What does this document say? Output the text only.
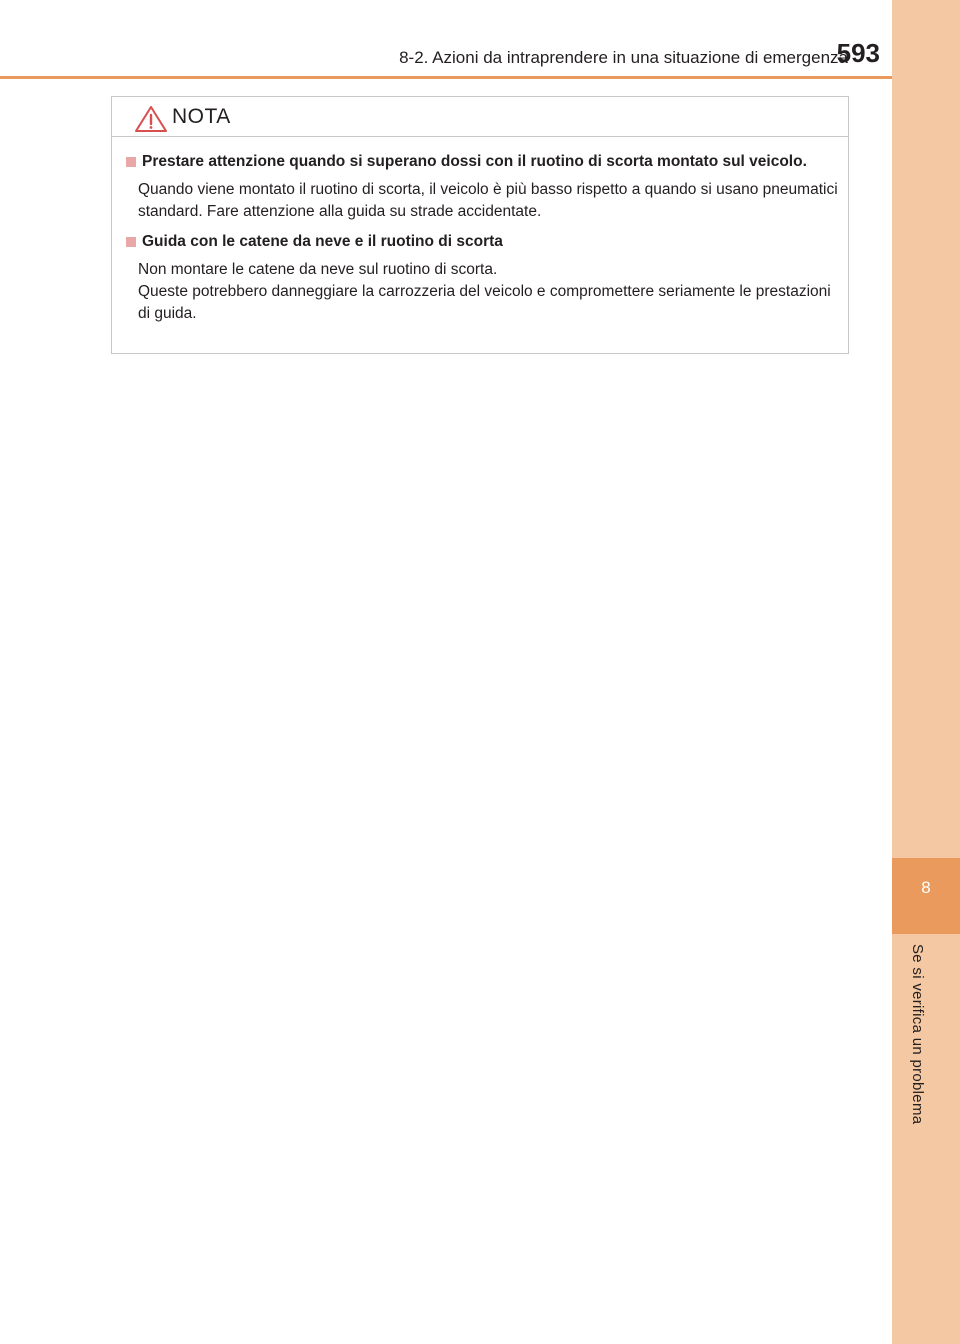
8
Se si verifica un problema
8-2. Azioni da intraprendere in una situazione di emergenza
593
NOTA
Prestare attenzione quando si superano dossi con il ruotino di scorta montato sul veicolo.
Quando viene montato il ruotino di scorta, il veicolo è più basso rispetto a quando si usano pneumatici standard. Fare attenzione alla guida su strade accidentate.
Guida con le catene da neve e il ruotino di scorta
Non montare le catene da neve sul ruotino di scorta.
Queste potrebbero danneggiare la carrozzeria del veicolo e compromettere seriamente le prestazioni di guida.
